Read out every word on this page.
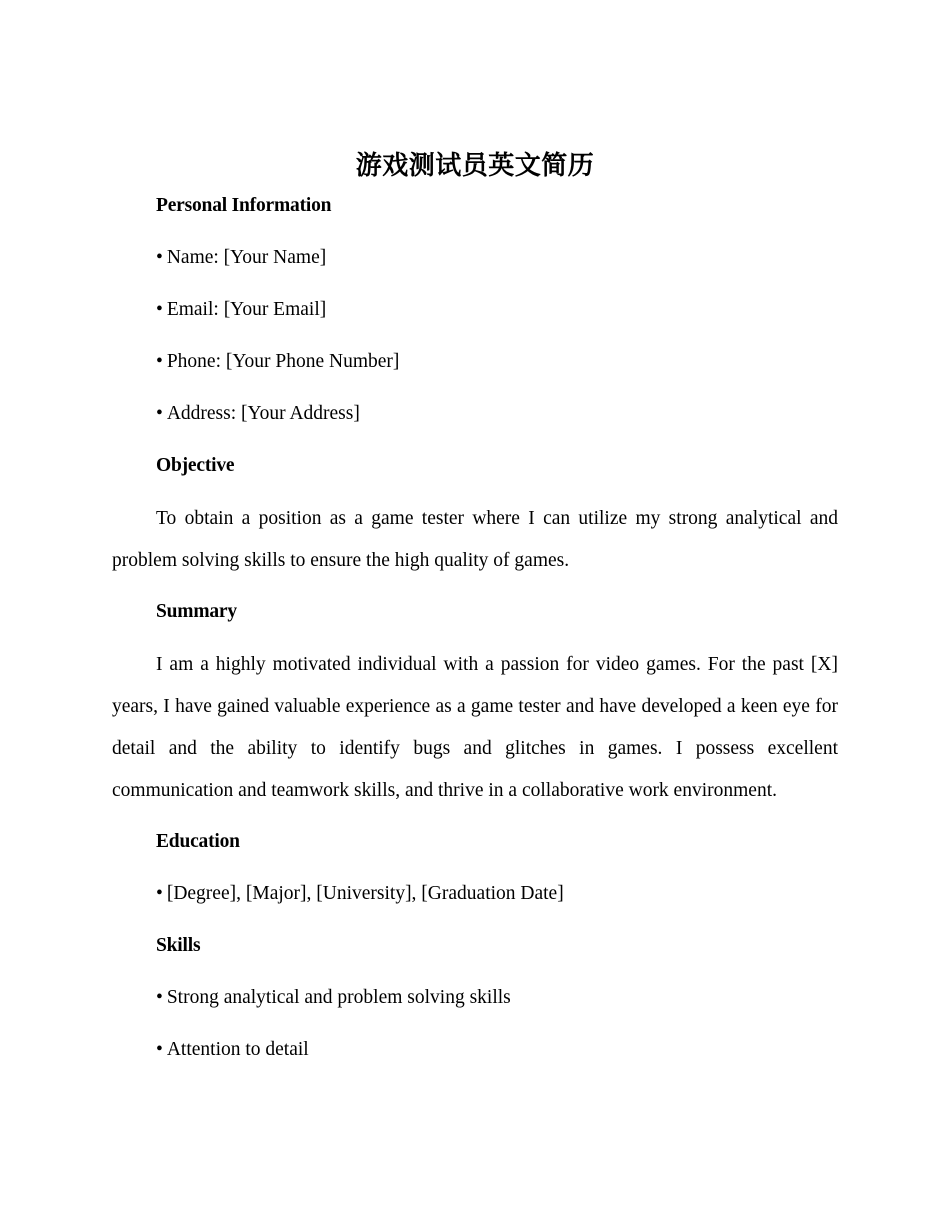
游戏测试员英文简历
Personal Information
• Name: [Your Name]
• Email: [Your Email]
• Phone: [Your Phone Number]
• Address: [Your Address]
Objective

To obtain a position as a game tester where I can utilize my strong analytical and problem solving skills to ensure the high quality of games.

Summary

I am a highly motivated individual with a passion for video games. For the past [X] years, I have gained valuable experience as a game tester and have developed a keen eye for detail and the ability to identify bugs and glitches in games. I possess excellent communication and teamwork skills, and thrive in a collaborative work environment.

Education
• [Degree], [Major], [University], [Graduation Date]
Skills
• Strong analytical and problem solving skills
• Attention to detail
